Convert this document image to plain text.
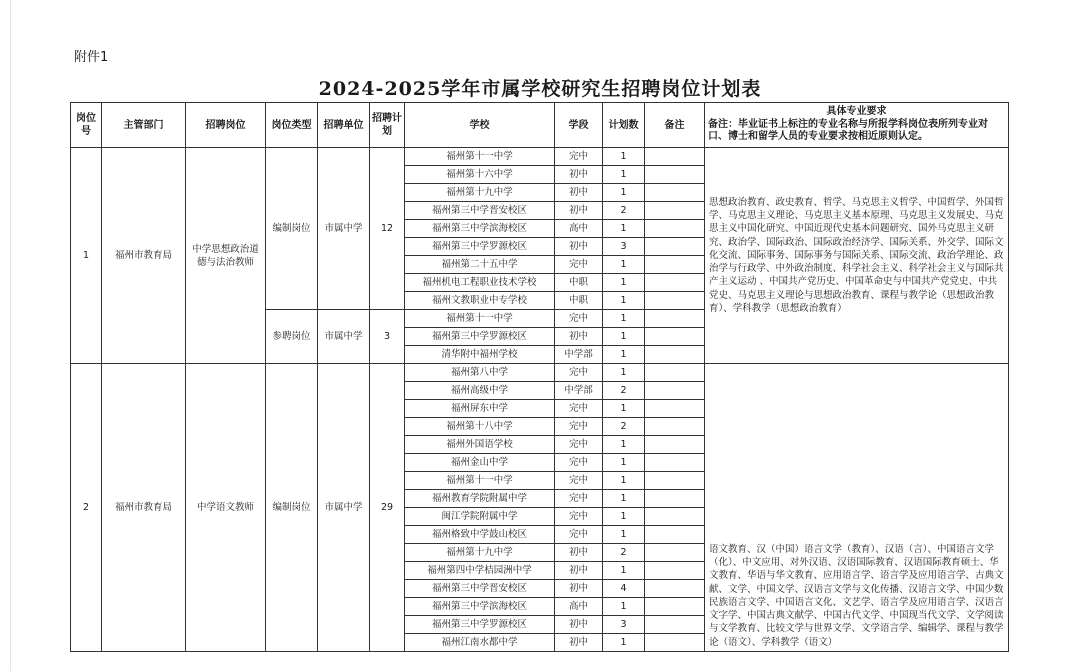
附件1
2024-2025学年市属学校研究生招聘岗位计划表
岗位号	主管部门	招聘岗位	岗位类型	招聘单位	招聘计划	学校	学段	计划数	备注	具体专业要求
备注：毕业证书上标注的专业名称与所报学科岗位表所列专业对口、博士和留学人员的专业要求按相近原则认定。

1	福州市教育局	中学思想政治道德与法治教师	编制岗位	市属中学	12	福州第十一中学	完中	1		思想政治教育、政史教育、哲学、马克思主义哲学、中国哲学、外国哲学、马克思主义理论、马克思主义基本原理、马克思主义发展史、马克思主义中国化研究、中国近现代史基本问题研究、国外马克思主义研究、政治学、国际政治、国际政治经济学、国际关系、外交学、国际文化交流、国际事务、国际事务与国际关系、国际交流、政治学理论、政治学与行政学、中外政治制度、科学社会主义、科学社会主义与国际共产主义运动 、中国共产党历史、中国革命史与中国共产党党史、中共党史、马克思主义理论与思想政治教育、课程与教学论（思想政治教育）、学科教学（思想政治教育）
						福州第十六中学	初中	1		
						福州第十九中学	初中	1		
						福州第三中学晋安校区	初中	2		
						福州第三中学滨海校区	高中	1		
						福州第三中学罗源校区	初中	3		
						福州第二十五中学	完中	1		
						福州机电工程职业技术学校	中职	1		
						福州文教职业中专学校	中职	1		
			参聘岗位	市属中学	3	福州第十一中学	完中	1		
						福州第三中学罗源校区	初中	1		
						清华附中福州学校	中学部	1		
2	福州市教育局	中学语文教师	编制岗位	市属中学	29	福州第八中学	完中	1		语文教育、汉（中国）语言文学（教育）、汉语（言）、中国语言文学（化）、中文应用、对外汉语、汉语国际教育、汉语国际教育硕士、华文教育、华语与华文教育、应用语言学、语言学及应用语言学、古典文献、文学、中国文学、汉语言文学与文化传播、汉语言文学、中国少数民族语言文学、中国语言文化、文艺学、语言学及应用语言学、汉语言文字学、中国古典文献学、中国古代文学、中国现当代文学、文学阅读与文学教育、比较文学与世界文学、文学语言学、编辑学、课程与教学论（语文）、学科教学（语文）
						福州高级中学	中学部	2		
						福州屏东中学	完中	1		
						福州第十八中学	完中	2		
						福州外国语学校	完中	1		
						福州金山中学	完中	1		
						福州第十一中学	完中	1		
						福州教育学院附属中学	完中	1		
						闽江学院附属中学	完中	1		
						福州格致中学鼓山校区	完中	1		
						福州第十九中学	初中	2		
						福州第四中学桔园洲中学	初中	1		
						福州第三中学晋安校区	初中	4		
						福州第三中学滨海校区	高中	1		
						福州第三中学罗源校区	初中	3		
						福州江南水都中学	初中	1		
